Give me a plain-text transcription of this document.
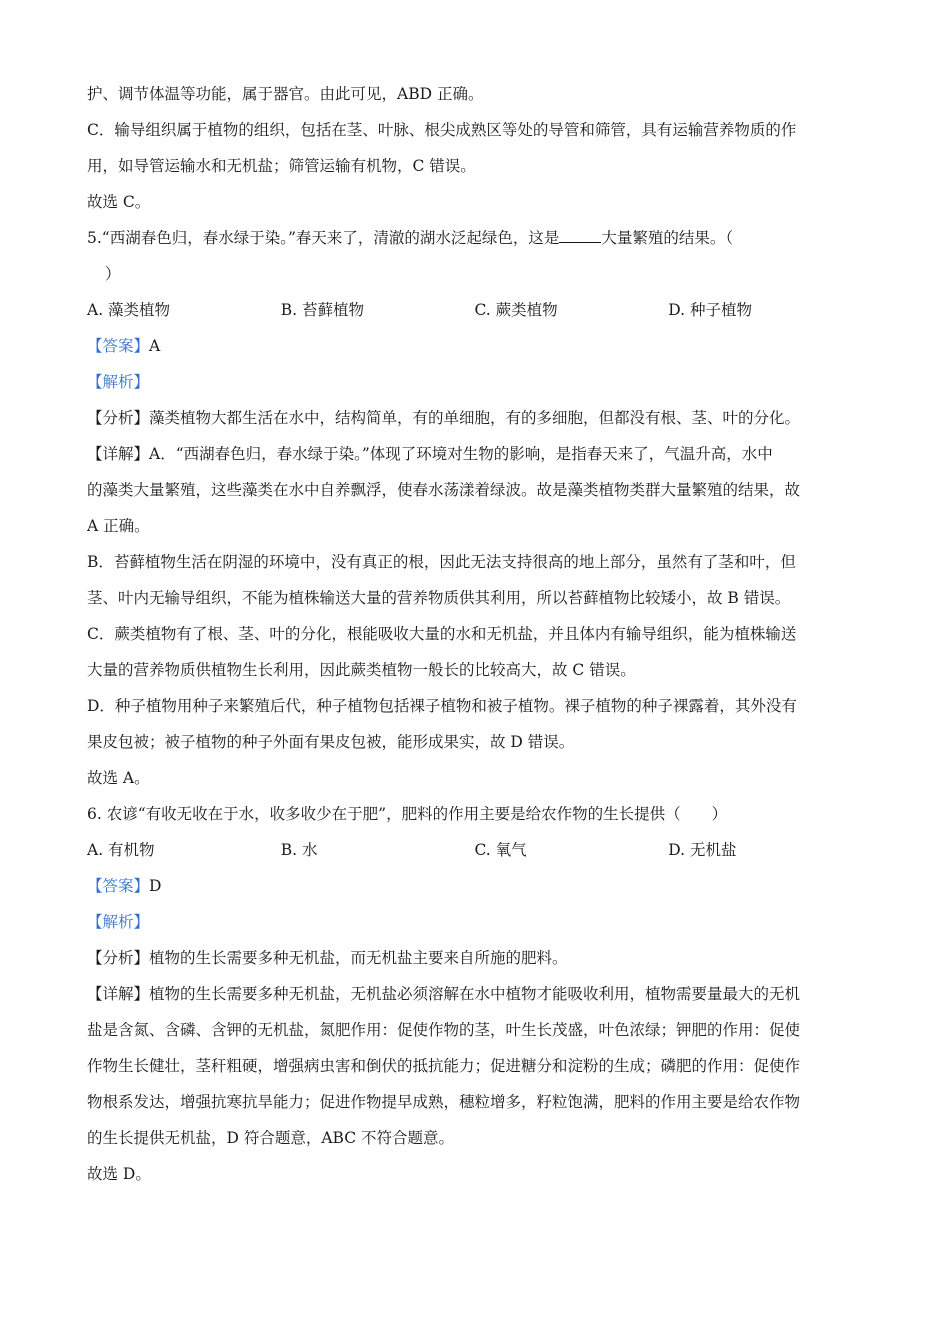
护、调节体温等功能，属于器官。由此可见，ABD 正确。
C．输导组织属于植物的组织，包括在茎、叶脉、根尖成熟区等处的导管和筛管，具有运输营养物质的作
用，如导管运输水和无机盐；筛管运输有机物，C 错误。
故选 C。
5.“西湖春色归，春水绿于染。”春天来了，清澈的湖水泛起绿色，这是	大量繁殖的结果。（
）
A. 藻类植物	B. 苔藓植物	C. 蕨类植物	D. 种子植物
【答案】A
【解析】
【分析】藻类植物大都生活在水中，结构简单，有的单细胞，有的多细胞，但都没有根、茎、叶的分化。
【详解】A．“西湖春色归，春水绿于染。”体现了环境对生物的影响，是指春天来了，气温升高，水中
的藻类大量繁殖，这些藻类在水中自养飘浮，使春水荡漾着绿波。故是藻类植物类群大量繁殖的结果，故
A 正确。
B．苔藓植物生活在阴湿的环境中，没有真正的根，因此无法支持很高的地上部分，虽然有了茎和叶，但
茎、叶内无输导组织，不能为植株输送大量的营养物质供其利用，所以苔藓植物比较矮小，故 B 错误。
C．蕨类植物有了根、茎、叶的分化，根能吸收大量的水和无机盐，并且体内有输导组织，能为植株输送
大量的营养物质供植物生长利用，因此蕨类植物一般长的比较高大，故 C 错误。
D．种子植物用种子来繁殖后代，种子植物包括裸子植物和被子植物。裸子植物的种子裸露着，其外没有
果皮包被；被子植物的种子外面有果皮包被，能形成果实，故 D 错误。
故选 A。
6. 农谚“有收无收在于水，收多收少在于肥”，肥料的作用主要是给农作物的生长提供（　　）
A. 有机物	B. 水	C. 氧气	D. 无机盐
【答案】D
【解析】
【分析】植物的生长需要多种无机盐，而无机盐主要来自所施的肥料。
【详解】植物的生长需要多种无机盐，无机盐必须溶解在水中植物才能吸收利用，植物需要量最大的无机
盐是含氮、含磷、含钾的无机盐，氮肥作用：促使作物的茎，叶生长茂盛，叶色浓绿；钾肥的作用：促使
作物生长健壮，茎秆粗硬，增强病虫害和倒伏的抵抗能力；促进糖分和淀粉的生成；磷肥的作用：促使作
物根系发达，增强抗寒抗旱能力；促进作物提早成熟，穗粒增多，籽粒饱满，肥料的作用主要是给农作物
的生长提供无机盐，D 符合题意，ABC 不符合题意。
故选 D。
